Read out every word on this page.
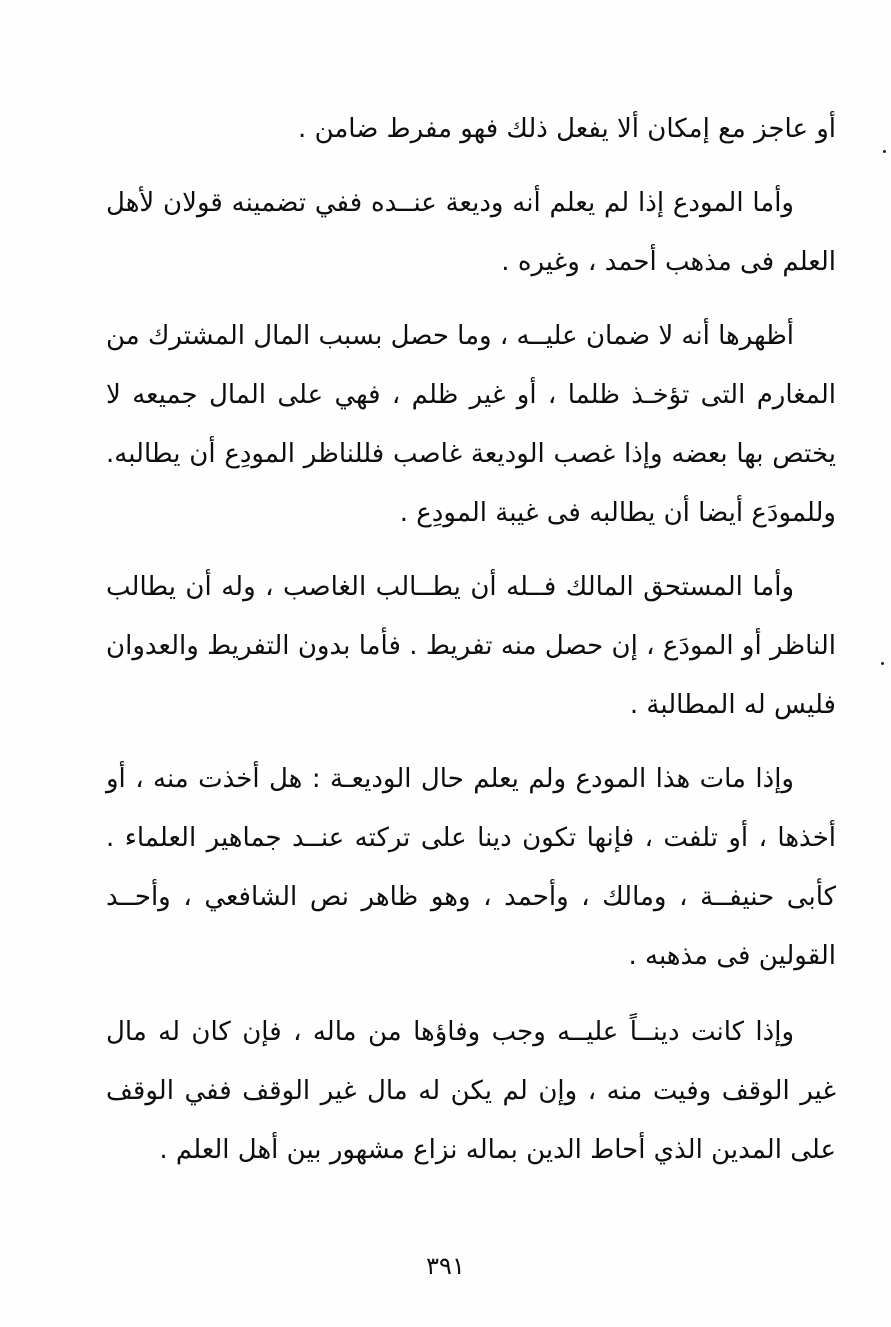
أو عاجز مع إمكان ألا يفعل ذلك فهو مفرط ضامن .

وأما المودع إذا لم يعلم أنه وديعة عنــده ففي تضمينه قولان لأهل العلم فى مذهب أحمد ، وغيره .

أظهرها أنه لا ضمان عليــه ، وما حصل بسبب المال المشترك من المغارم التى تؤخـذ ظلما ، أو غير ظلم ، فهي على المال جميعه لا يختص بها بعضه وإذا غصب الوديعة غاصب فللناظر المودِع أن يطالبه. وللمودَع أيضا أن يطالبه فى غيبة المودِع .

وأما المستحق المالك فــله أن يطــالب الغاصب ، وله أن يطالب الناظر أو المودَع ، إن حصل منه تفريط . فأما بدون التفريط والعدوان فليس له المطالبة .

وإذا مات هذا المودع ولم يعلم حال الوديعـة : هل أخذت منه ، أو أخذها ، أو تلفت ، فإنها تكون دينا على تركته عنــد جماهير العلماء . كأبى حنيفــة ، ومالك ، وأحمد ، وهو ظاهر نص الشافعي ، وأحــد القولين فى مذهبه .

وإذا كانت دينــاً عليــه وجب وفاؤها من ماله ، فإن كان له مال غير الوقف وفيت منه ، وإن لم يكن له مال غير الوقف ففي الوقف على المدين الذي أحاط الدين بماله نزاع مشهور بين أهل العلم .

٣٩١
